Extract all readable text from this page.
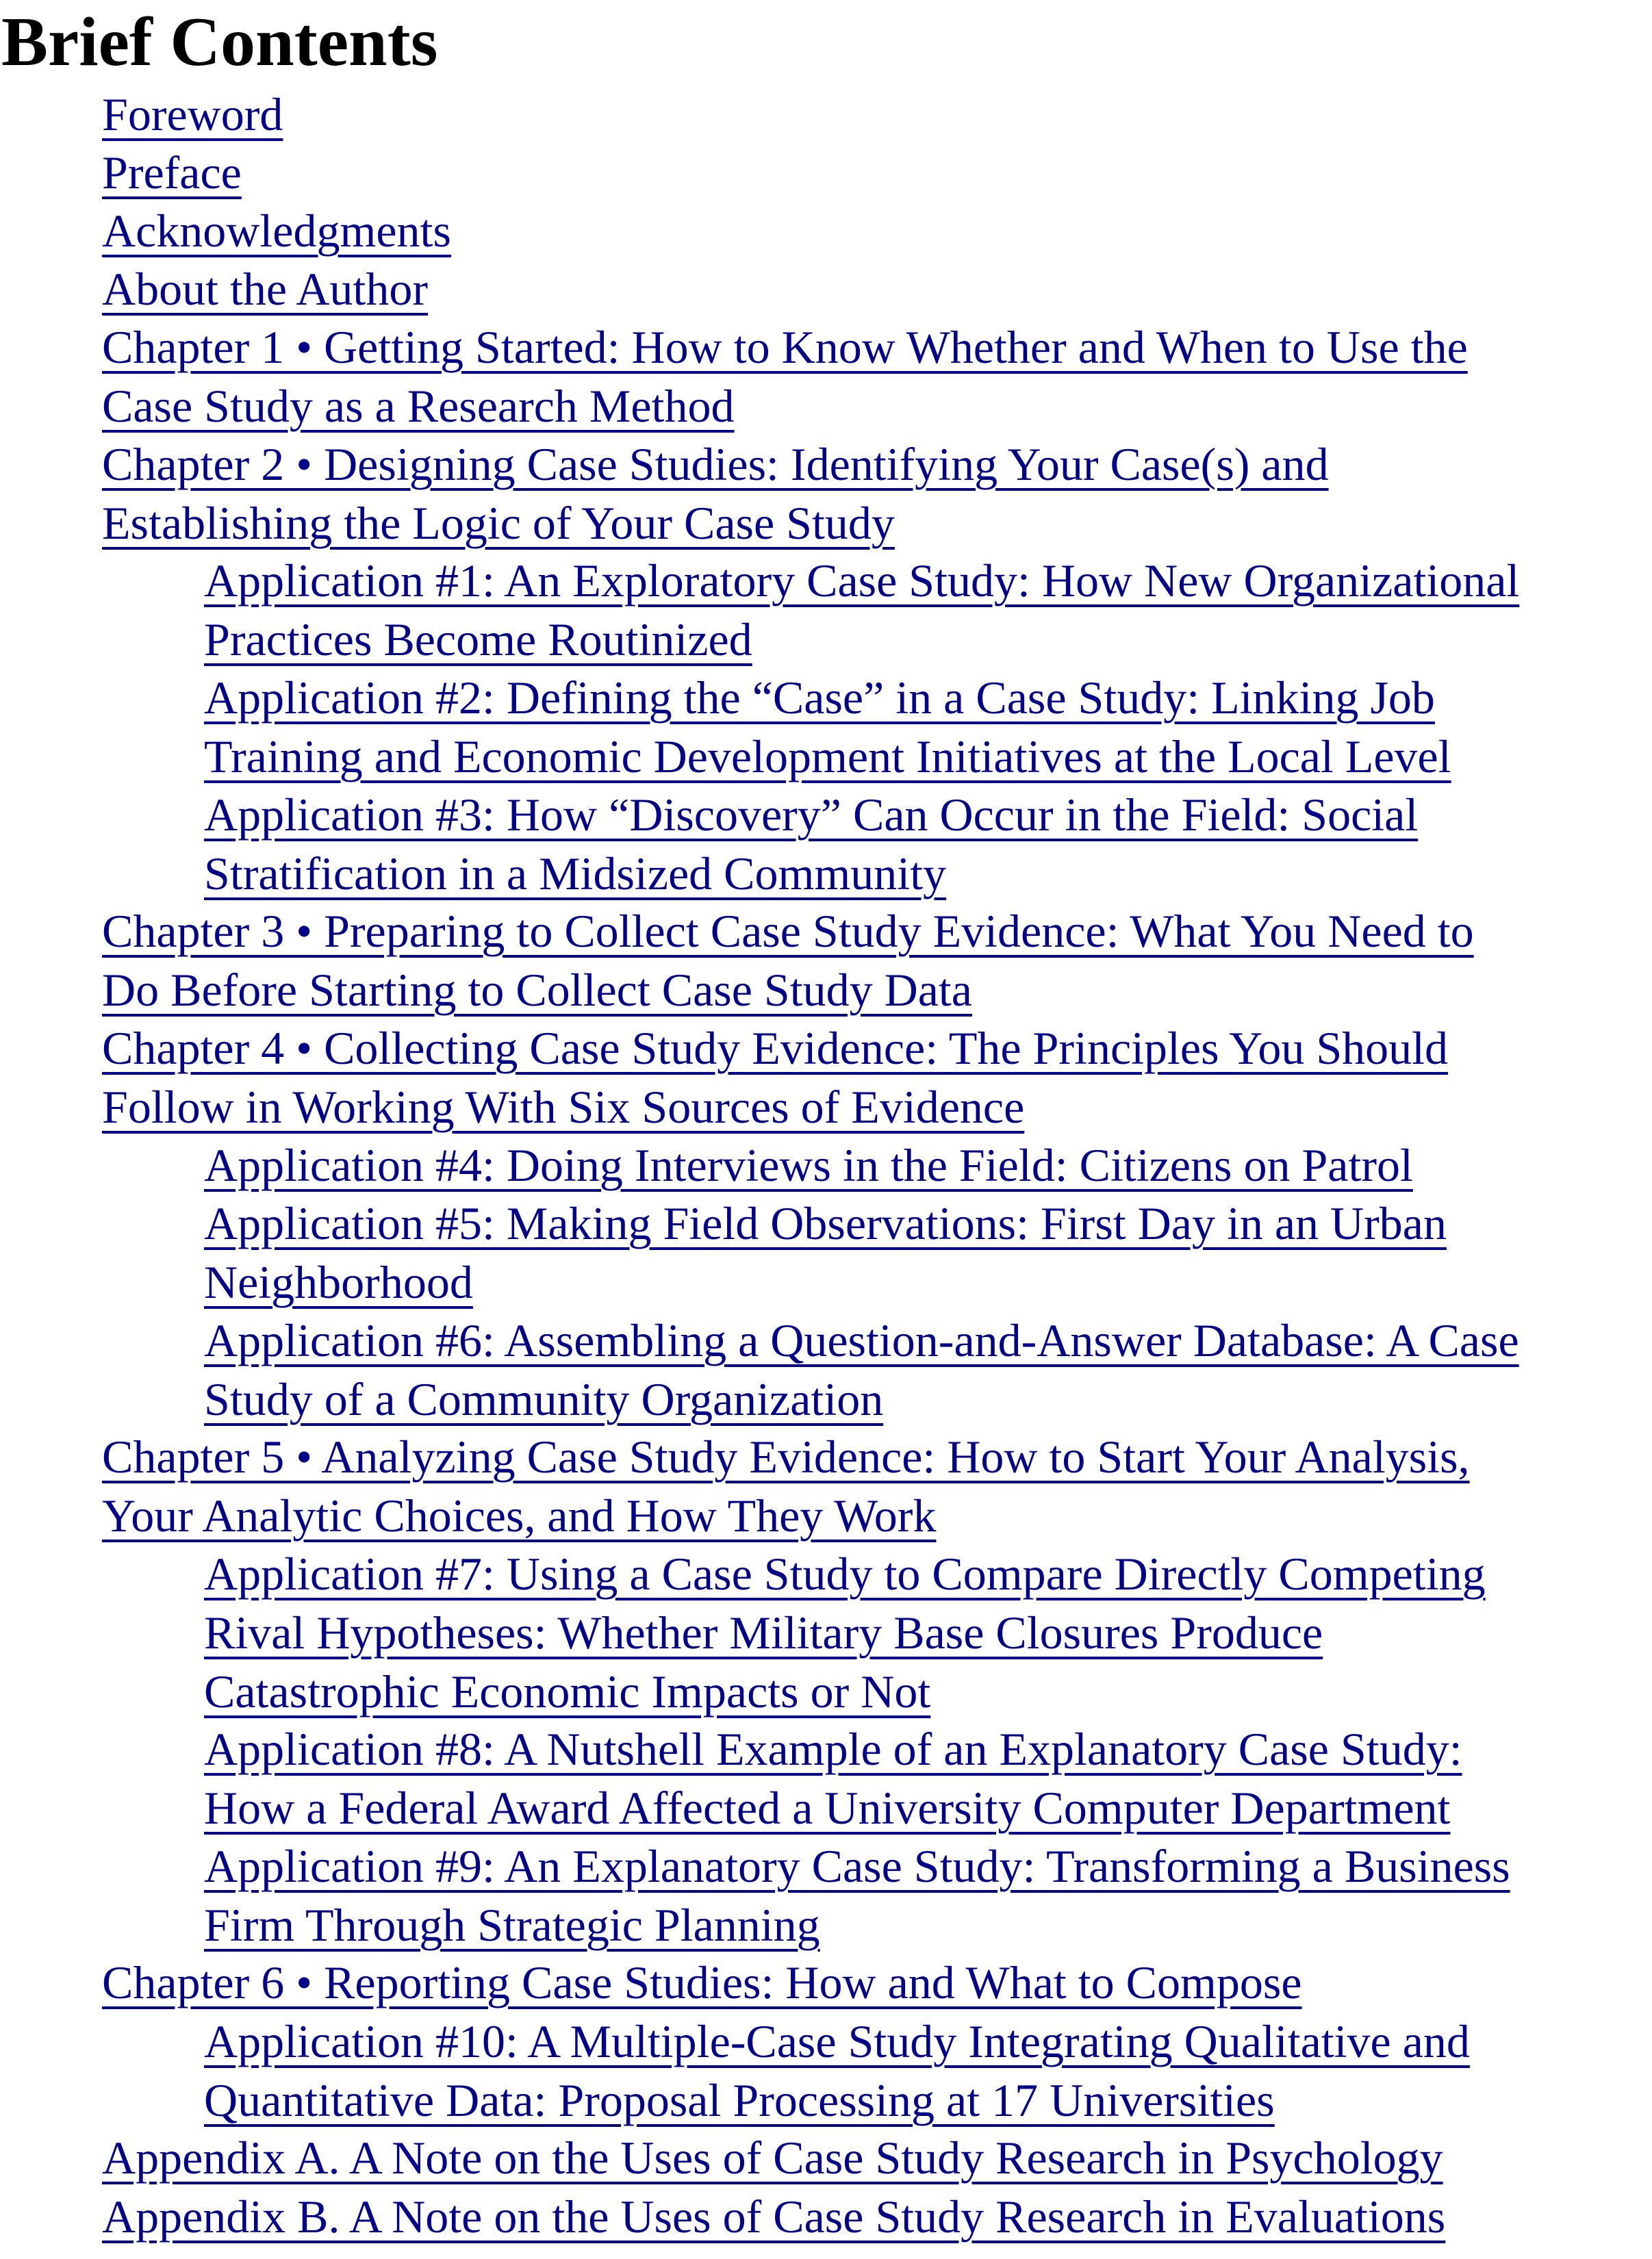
Brief Contents
Foreword
Preface
Acknowledgments
About the Author
Chapter 1 • Getting Started: How to Know Whether and When to Use the
Case Study as a Research Method
Chapter 2 • Designing Case Studies: Identifying Your Case(s) and
Establishing the Logic of Your Case Study
Application #1: An Exploratory Case Study: How New Organizational
Practices Become Routinized
Application #2: Defining the “Case” in a Case Study: Linking Job
Training and Economic Development Initiatives at the Local Level
Application #3: How “Discovery” Can Occur in the Field: Social
Stratification in a Midsized Community
Chapter 3 • Preparing to Collect Case Study Evidence: What You Need to
Do Before Starting to Collect Case Study Data
Chapter 4 • Collecting Case Study Evidence: The Principles You Should
Follow in Working With Six Sources of Evidence
Application #4: Doing Interviews in the Field: Citizens on Patrol
Application #5: Making Field Observations: First Day in an Urban
Neighborhood
Application #6: Assembling a Question-and-Answer Database: A Case
Study of a Community Organization
Chapter 5 • Analyzing Case Study Evidence: How to Start Your Analysis,
Your Analytic Choices, and How They Work
Application #7: Using a Case Study to Compare Directly Competing
Rival Hypotheses: Whether Military Base Closures Produce
Catastrophic Economic Impacts or Not
Application #8: A Nutshell Example of an Explanatory Case Study:
How a Federal Award Affected a University Computer Department
Application #9: An Explanatory Case Study: Transforming a Business
Firm Through Strategic Planning
Chapter 6 • Reporting Case Studies: How and What to Compose
Application #10: A Multiple-Case Study Integrating Qualitative and
Quantitative Data: Proposal Processing at 17 Universities
Appendix A. A Note on the Uses of Case Study Research in Psychology
Appendix B. A Note on the Uses of Case Study Research in Evaluations
